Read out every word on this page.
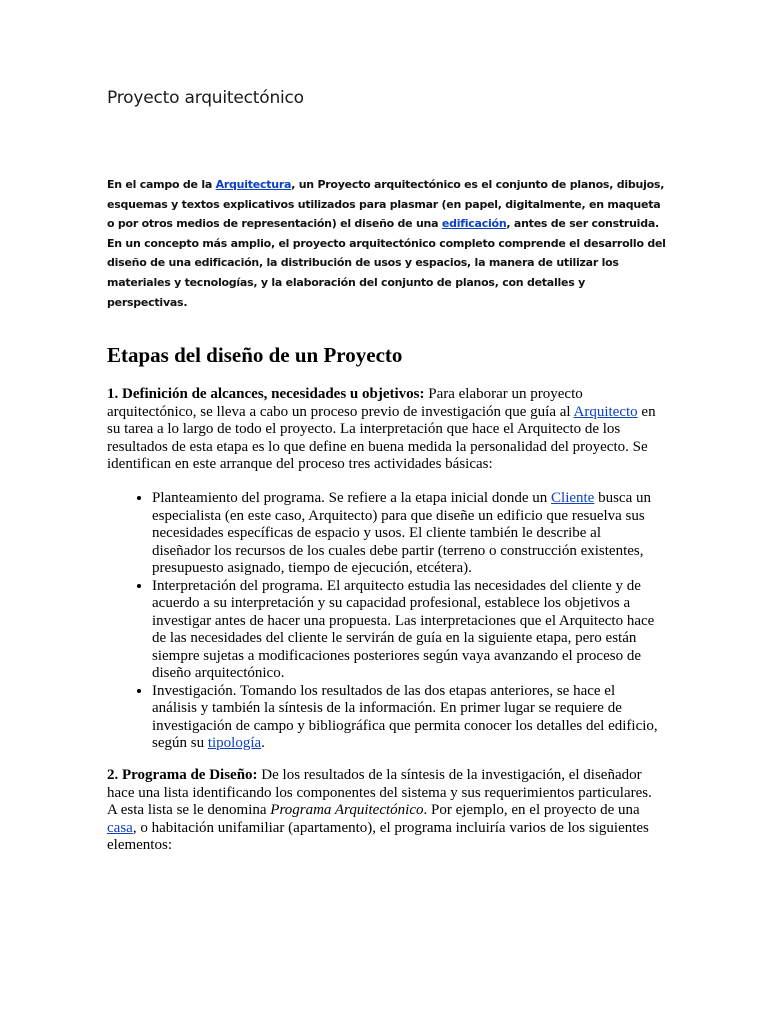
Proyecto arquitectónico

En el campo de la Arquitectura, un Proyecto arquitectónico es el conjunto de planos, dibujos, esquemas y textos explicativos utilizados para plasmar (en papel, digitalmente, en maqueta o por otros medios de representación) el diseño de una edificación, antes de ser construida. En un concepto más amplio, el proyecto arquitectónico completo comprende el desarrollo del diseño de una edificación, la distribución de usos y espacios, la manera de utilizar los materiales y tecnologías, y la elaboración del conjunto de planos, con detalles y perspectivas.

Etapas del diseño de un Proyecto

1. Definición de alcances, necesidades u objetivos: Para elaborar un proyecto arquitectónico, se lleva a cabo un proceso previo de investigación que guía al Arquitecto en su tarea a lo largo de todo el proyecto. La interpretación que hace el Arquitecto de los resultados de esta etapa es lo que define en buena medida la personalidad del proyecto. Se identifican en este arranque del proceso tres actividades básicas:

• Planteamiento del programa. Se refiere a la etapa inicial donde un Cliente busca un especialista (en este caso, Arquitecto) para que diseñe un edificio que resuelva sus necesidades específicas de espacio y usos. El cliente también le describe al diseñador los recursos de los cuales debe partir (terreno o construcción existentes, presupuesto asignado, tiempo de ejecución, etcétera).
• Interpretación del programa. El arquitecto estudia las necesidades del cliente y de acuerdo a su interpretación y su capacidad profesional, establece los objetivos a investigar antes de hacer una propuesta. Las interpretaciones que el Arquitecto hace de las necesidades del cliente le servirán de guía en la siguiente etapa, pero están siempre sujetas a modificaciones posteriores según vaya avanzando el proceso de diseño arquitectónico.
• Investigación. Tomando los resultados de las dos etapas anteriores, se hace el análisis y también la síntesis de la información. En primer lugar se requiere de investigación de campo y bibliográfica que permita conocer los detalles del edificio, según su tipología.

2. Programa de Diseño: De los resultados de la síntesis de la investigación, el diseñador hace una lista identificando los componentes del sistema y sus requerimientos particulares. A esta lista se le denomina Programa Arquitectónico. Por ejemplo, en el proyecto de una casa, o habitación unifamiliar (apartamento), el programa incluiría varios de los siguientes elementos:
